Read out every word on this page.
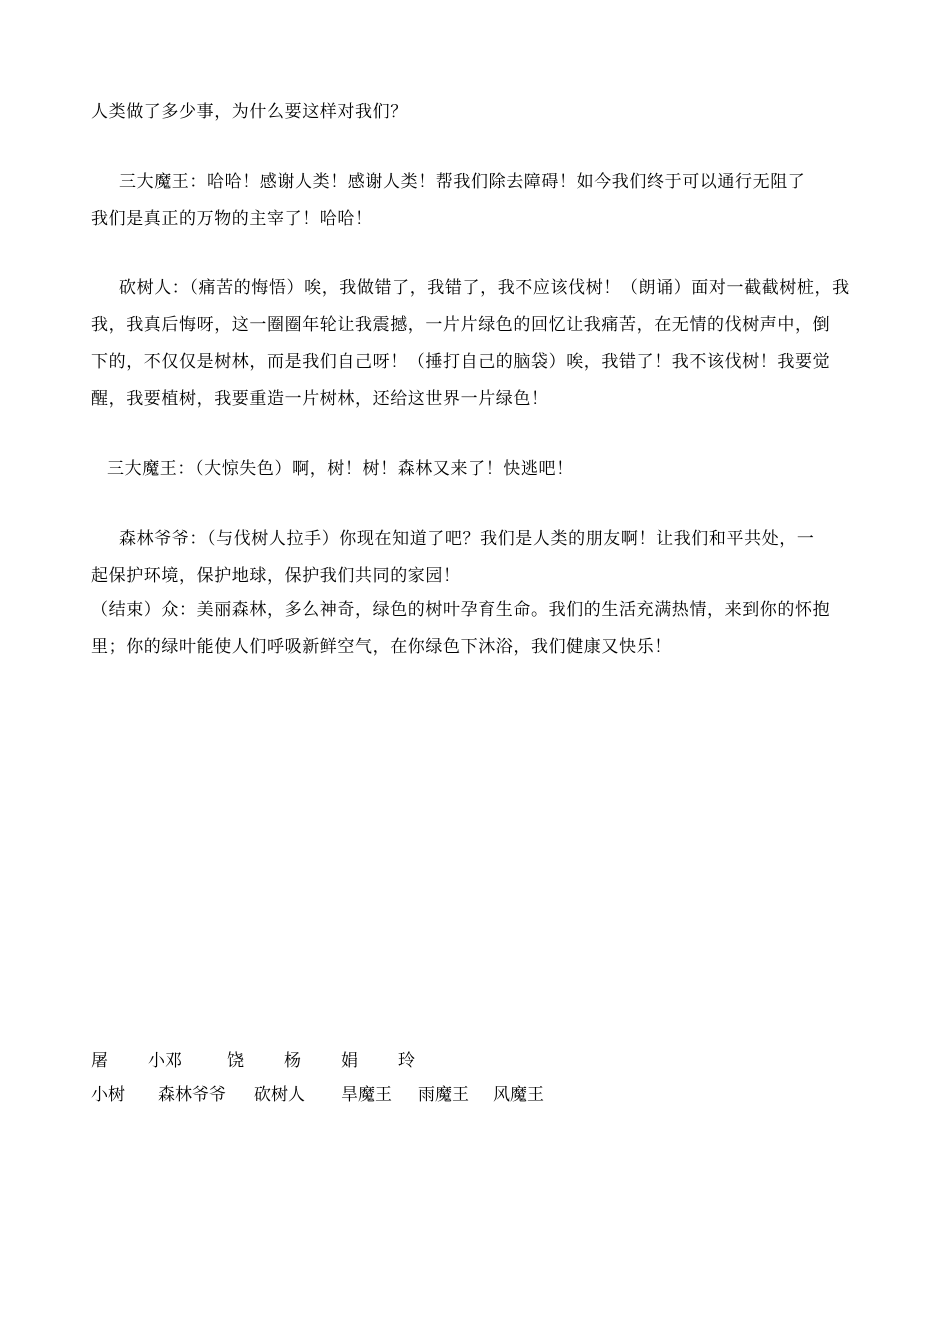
人类做了多少事，为什么要这样对我们？
三大魔王：哈哈！感谢人类！感谢人类！帮我们除去障碍！如今我们终于可以通行无阻了
我们是真正的万物的主宰了！哈哈！
砍树人：（痛苦的悔悟）唉，我做错了，我错了，我不应该伐树！（朗诵）面对一截截树桩，我
我，我真后悔呀，这一圈圈年轮让我震撼，一片片绿色的回忆让我痛苦，在无情的伐树声中，倒
下的，不仅仅是树林，而是我们自己呀！（捶打自己的脑袋）唉，我错了！我不该伐树！我要觉
醒，我要植树，我要重造一片树林，还给这世界一片绿色！
三大魔王：（大惊失色）啊，树！树！森林又来了！快逃吧！
森林爷爷：（与伐树人拉手）你现在知道了吧？我们是人类的朋友啊！让我们和平共处，一
起保护环境，保护地球，保护我们共同的家园！
（结束）众：美丽森林，多么神奇，绿色的树叶孕育生命。我们的生活充满热情，来到你的怀抱
里；你的绿叶能使人们呼吸新鲜空气，在你绿色下沐浴，我们健康又快乐！
屠 小邓	饶 杨 娟 玲
小树 森林爷爷 砍树人 旱魔王 雨魔王 风魔王
